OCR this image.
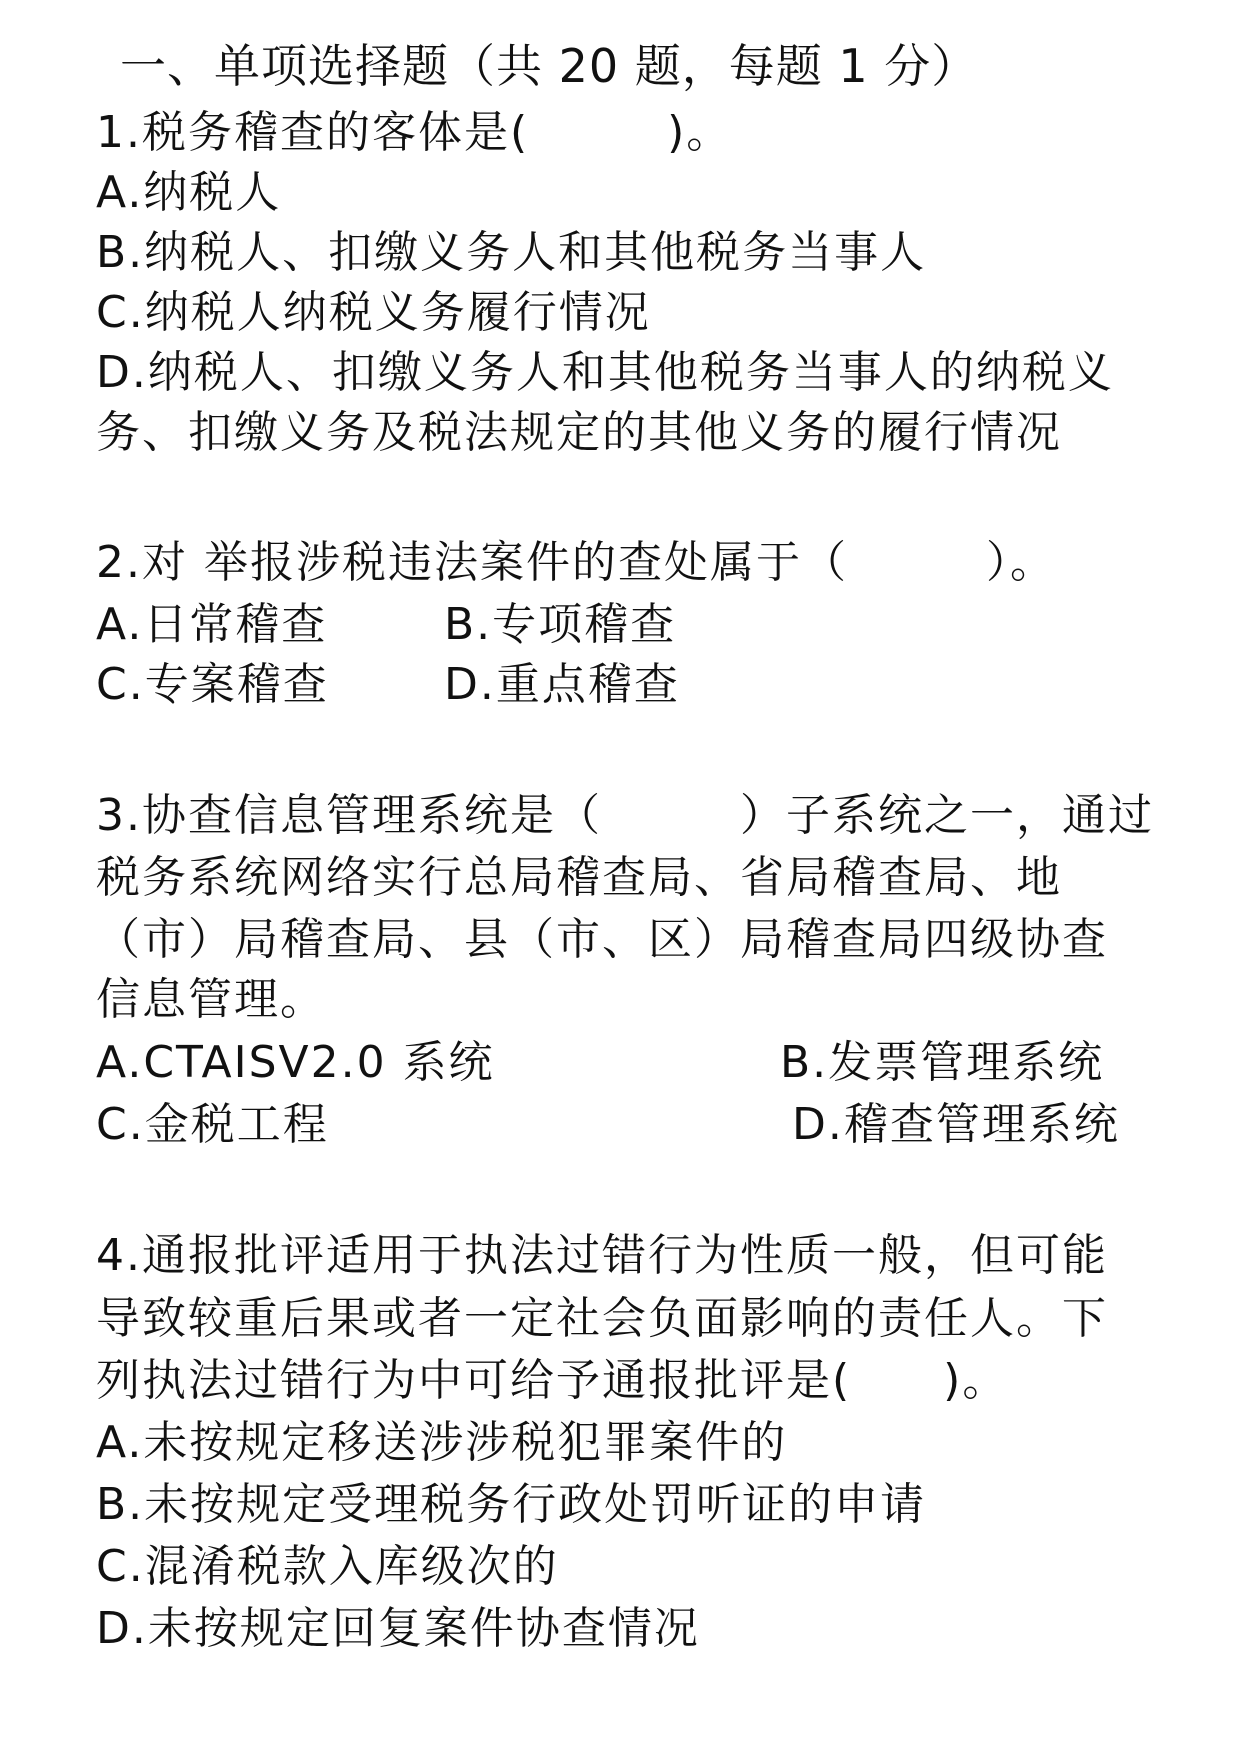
一、单项选择题（共 20 题，每题 1 分）
1.税务稽查的客体是(　　　)。
A.纳税人
B.纳税人、扣缴义务人和其他税务当事人
C.纳税人纳税义务履行情况
D.纳税人、扣缴义务人和其他税务当事人的纳税义
务、扣缴义务及税法规定的其他义务的履行情况
2.对 举报涉税违法案件的查处属于（　　　）。
A.日常稽查	B.专项稽查
C.专案稽查	D.重点稽查
3.协查信息管理系统是（　　　）子系统之一，通过
税务系统网络实行总局稽查局、省局稽查局、地
（市）局稽查局、县（市、区）局稽查局四级协查
信息管理。
A.CTAISV2.0 系统	B.发票管理系统
C.金税工程	D.稽查管理系统
4.通报批评适用于执法过错行为性质一般，但可能
导致较重后果或者一定社会负面影响的责任人。下
列执法过错行为中可给予通报批评是(　　)。
A.未按规定移送涉涉税犯罪案件的
B.未按规定受理税务行政处罚听证的申请
C.混淆税款入库级次的
D.未按规定回复案件协查情况
